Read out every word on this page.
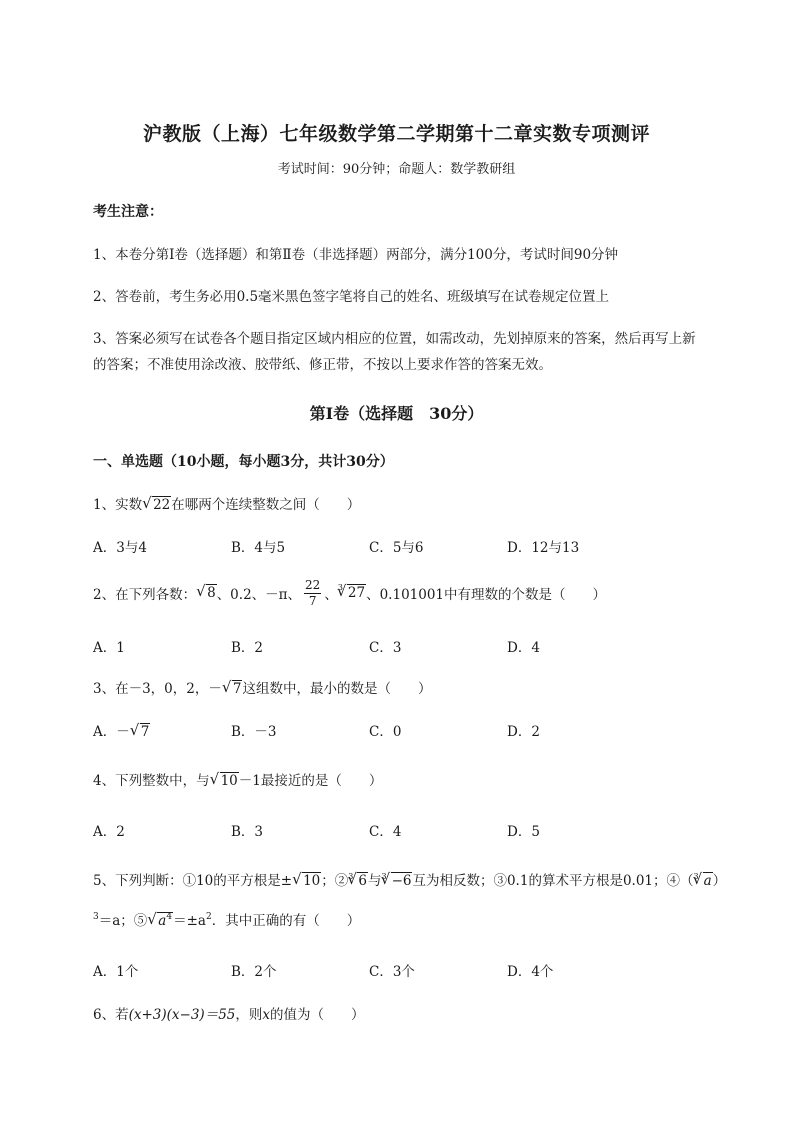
沪教版（上海）七年级数学第二学期第十二章实数专项测评
考试时间：90分钟；命题人：数学教研组
考生注意：
1、本卷分第I卷（选择题）和第Ⅱ卷（非选择题）两部分，满分100分，考试时间90分钟
2、答卷前，考生务必用0.5毫米黑色签字笔将自己的姓名、班级填写在试卷规定位置上
3、答案必须写在试卷各个题目指定区域内相应的位置，如需改动，先划掉原来的答案，然后再写上新
的答案；不准使用涂改液、胶带纸、修正带，不按以上要求作答的答案无效。
第I卷（选择题　30分）
一、单选题（10小题，每小题3分，共计30分）
1、实数 √ 22在哪两个连续整数之间（　　）
A．3与4	B．4与5	C．5与6	D．12与13
2、在下列各数： √ 8 、0.2、－π、 $\frac{22}{7}$ 、 3 √ 27 、0.101001中有理数的个数是（　　）
A．1	B．2	C．3	D．4
3、在－3，0，2，－ √ 7这组数中，最小的数是（　　）
A．－ √ 7	B．－3	C．0	D．2
4、下列整数中，与 √ 10－1最接近的是（　　）
A．2	B．3	C．4	D．5
5、下列判断：①10的平方根是± √ 10；②$^3$ √ 6与$^3$ √ −6互为相反数；③0.1的算术平方根是0.01；④（$^3$ √ a）
$^3$＝a；⑤ √ $a^4=\pm a^2$．其中正确的有（　　）
A．1个	B．2个	C．3个	D．4个
6、若(x+3)(x−3)＝55，则x的值为（　　）
